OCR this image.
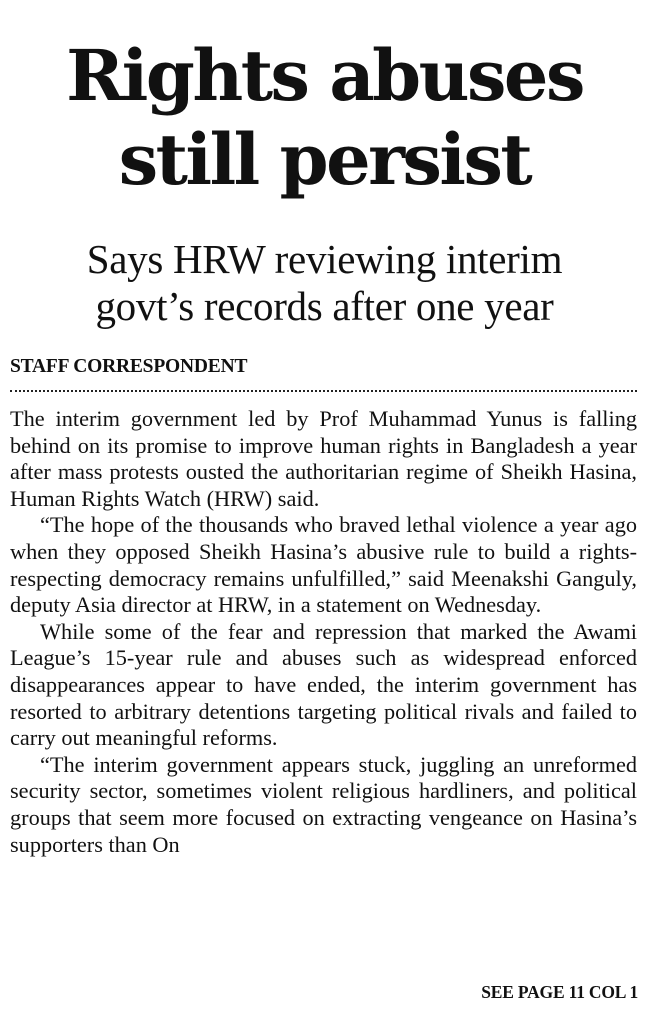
Rights abuses
still persist
Says HRW reviewing interim
govt’s records after one year
STAFF CORRESPONDENT

The interim government led by Prof Muhammad Yunus is falling behind on its promise to improve human rights in Bangladesh a year after mass protests ousted the authoritarian regime of Sheikh Hasina, Human Rights Watch (HRW) said.

“The hope of the thousands who braved lethal violence a year ago when they opposed Sheikh Hasina’s abusive rule to build a rights-respecting democracy remains unfulfilled,” said Meenakshi Ganguly, deputy Asia director at HRW, in a statement on Wednesday.

While some of the fear and repression that marked the Awami League’s 15-year rule and abuses such as widespread enforced disappearances appear to have ended, the interim government has resorted to arbitrary detentions targeting political rivals and failed to carry out meaningful reforms.

“The interim government appears stuck, juggling an unreformed security sector, sometimes violent religious hardliners, and political groups that seem more focused on extracting vengeance on Hasina’s supporters than On

SEE PAGE 11 COL 1
